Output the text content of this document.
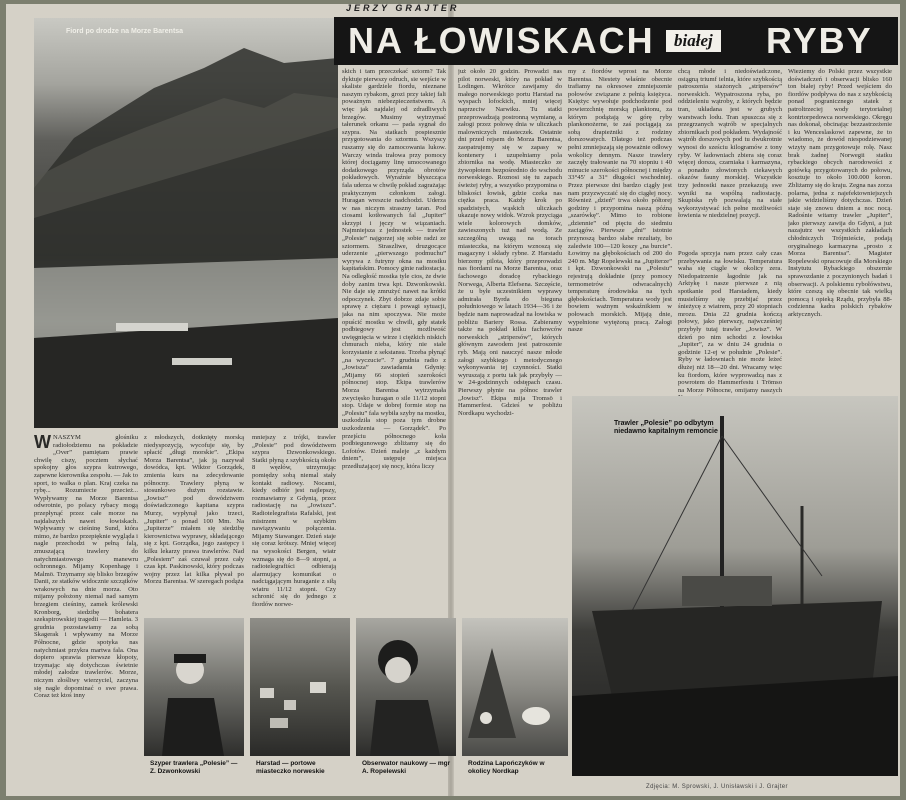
Fiord po drodze na Morze Barentsa
JERZY GRAJTER
NA ŁOWISKACH	białej RYBY
skich i tam przeczekać sztorm? Tak dyktuje pierwszy odruch, sie wejście w skaliste gardziele fiordu, nieznane naszym rybakom, grozi przy takiej fali poważnym niebezpieczeństwem. A więc jak najdalej od zdradliwych brzegów. Musimy wytrzymać tałerunek orkanu — pada sygnał do szypra. Na statkach pospiesznie przygotowania do sztormu. Wszyscy ruszamy się do zamocowania lukow. Warczy winda trałowa przy pomocy której dociągamy linę umocowanego dodatkowego przyrząda obrotów pokładowych. Wyraźnie błyszcząca fala uderza w chwilę pokład zagrażając praktycznym członkom załogi. Huragan wreszcie nadchodzi. Uderza w nas niczym straszny taran. Pod ciosami kotłowanych fal „Jupiter” skrzypi i jęczy w wiązaniach. Najmniejsza z jednostek — trawler „Polesie” najgorzej się sobie radzi ze sztormem. Straszliwe, druzgocące uderzenie „pierwszego podmuchu” wyrywa z futryny okna na mostku kapitańskim. Pomocy ginie radiostacja. Na odległość mostka tyle cios, że dwie doby zanim trwa kpt. Dzwonkowski. Nie daje się zmrużyć nawet na krótki odpoczynek. Zbyt dobrze zdaje sobie sprawę z ciężaru i powagi sytuacji, jaka na nim spoczywa. Nie może opuścić mostku w chwili, gdy statek podbiegowy jest możliwość uwięgnięcia w wirze i ciężkich niskich chmurach nieba, który nie stale korzystanie z sekstansu. Trzeba płynąć „na wyczucie”. 7 grudnia radio z „Jowisza” zawiadamia Gdynię: „Mijamy 66 stopień szerokości północnej stop. Ekipa trawlerów Morza Barentsa wytrzymała zwycięsko huragan o sile 11/12 stopni stop. Udaje w dobrej formie stop na „Polesiu” fala wybiła szyby na mostku, uszkodziła stop poza tym drobne uszkodzenia — Gorządek”. Po przejściu północnego koła podbiegunowego zbliżamy się do Lofotów. Dzień maleje „z każdym dniem”, ustępuje miejsca przedłużającej się nocy, która liczy
już około 20 godzin. Prowadzi nas pilot norweski, który na pokład w Lodingen. Wkrótce zawijamy do małego norweskiego portu Harstad na wyspach lofockich, mniej więcej naprzeciw Narwiku. Tu statki przeprowadzają postronną wymianę, a załogi przez połowę dnia w uliczkach malowniczych miasteczek. Ostatnie dni przed rejsem do Morza Barentsa, zaopatrujemy się w zapasy w kontenery i uzupełniamy pola zbiornika na wodę. Miasteczko ze żywopłotem bezpośrednio do wschodu norweskiego. Roznosi się tu zapach świeżej ryby, a wszystko przypomina o bliskości łowisk, gdzie czeka nas ciężka praca. Każdy krok po spadzistych, wąskich uliczkach ukazuje nowy widok. Wzrok przyciąga wiele kolorowych domków, zawieszonych tuż nad wodą. Ze szczególną uwagą na torach miasteczka, na którym wznoszą się magazyny i składy rybne. Z Harstadu bierzemy pilota, który przeprowadzi nas fiordami na Morze Barentsa, oraz fachowego doradcę rybackiego Norwega, Alberta Elefsena. Szczęście, że u byłe uczestnikiem wyprawy admirała Byrda do bieguna południowego w latach 1934—36 i że będzie nam naprowadzał na łowiska w pobliżu Bariery Rossa. Zabieramy także na pokład kilku fachowców norweskich „stripersów”, których głównym zawodem jest patroszenie ryb. Mają oni nauczyć nasze młode załogi szybkiego i metodycznego wykonywania tej czynności. Statki wyruszają z portu tak jak przybyły — w 24-godzinnych odstępach czasu. Pierwszy płynie na północ trawler „Jowisz”. Ekipa mija Tromsö i Hammerfest. Gdzieś w pobliżu Nordkapu wychodzi-
my z fiordów wprost na Morze Barentsa. Niestety właśnie obecnie trafiamy na okresowe zmniejszenie połowów związane z pełnią księżyca. Księżyc wywołuje podchodzenie pod powierzchnię morską planktonu, za którym podążają w górę ryby plankonożerne, te zaś pociągają za sobą drapieżniki z rodziny dorszowatych. Dlatego też podczas pełni zmniejszają się poważnie odłowy wokolicy dennym. Nasze trawlery zaczęły trałowanie na 70 stopniu i 40 minucie szerokości północnej i między 33°45′ a 31° długości wschodniej. Przez pierwsze dni bardzo ciągły jest nam przyzwyczaić się do ciągłej nocy. Również „dzień” trwa około półtorej godziny i przypomina naszą późną „szarówkę”. Mimo to robione „dziennie” od pięciu do siedmiu zaciągów. Pierwsze „dni” istotnie przynoszą bardzo słabe rezultaty, bo zaledwie 100—120 koszy „na burcie”. Łowimy na głębokościach od 200 do 240 m. Mgr Ropelewski na „Jupiterze” i kpt. Dzwonkowski na „Polesiu” rejestrują dokładnie (przy pomocy termometrów odwracalnych) temperaturę środowiska na tych głębokościach. Temperatura wody jest bowiem ważnym wskaźnikiem w połowach morskich. Mijają dnie, wypełnione wytężoną pracą. Załogi nasze
chcą młode i niedoświadczone, osiągną triumf ielnia, które szybkością patroszenia stażonych „stripersów” norweskich. Wypatroszona ryba, po oddzieleniu wątroby, z których będzie tran, układana jest w grubych warstwach lodu. Tran spuszcza się z przegrzanych wątrób w specjalnych zbiornikach pod pokładem. Wydajność wątrób dorszowych pod tu dwukrotnie wynosi do sześciu kilogramów z tony ryby. W ładowniach zbiera się coraz więcej dorsza, czarniaka i karmazyna, a ponadto złowionych ciekawych okazów fauny morskiej. Wszystkie trzy jednostki nasze przekazują swe wyniki na wspólną radiostację. Skupiska ryb pozwalają na stałe wykorzystywać ich pełne możliwości łowienia w niedzielnej pozycji.
Pogoda sprzyja nam przez cały czas przebywania na łowisku. Temperatura waha się ciągle w okolicy zera. Niedopatrzenie łagodnie jak na Arktykę i nasze pierwsze z nią spotkanie pod Harstadem, kiedy musieliśmy się przebijać przez śnieżycę z wiatrem, przy 20 stopniach mrozu. Dnia 22 grudnia kończą połowy, jako pierwszy, najwcześniej przybyły tutaj trawler „Jowisz”. W dzień po nim schodzi z łowiska „Jupiter”, za w dniu 24 grudnia o godzinie 12-ej w południe „Polesie”. Ryby w ładowniach nie może leżeć dłużej niż 18—20 dni. Wracamy więc ku fiordom, które wyprowadzą nas z powrotem do Hammerfestu i Trömso na Morze Północne, omijamy naszych
Wieziemy do Polski przez wszystkie doświadczeń i obserwacji blisko 160 ton białej ryby! Przed wejściem do fiordów podpływa do nas z szybkością ponad pogranicznego statek z patroltrzeciej wody terytorialnej kontrtorpedowca norweskiego. Okręgu nas dokonał, obcinając bezzastrzeżenie i ku Wenceslaskowi zapewne, że to wiadomo, że dowód niespodziewanej wizyty nam przygotowuje rolę. Nasz brak żadnej Norwegii statku rybackiego obcych narodowości z gotówką przygotowanych do połowu, kosztuje to około 100.000 koron. Zbliżamy się do kraju. Zegna nas zorza polarna, jedna z najefektowniejszych jakie widzieliśmy dotychczas. Dzień staje się znowu dniem a noc nocą. Radośnie witamy trawler „Jupiter”, jako pierwszy zawija do Gdyni, a już nazajutrz we wszystkich zakładach chłodniczych Trójmieście, podają oryginalnego karmazyna „prosto z Morza Barentsa”. Magister Ropelewski opracowuje dla Morskiego Instytutu Rybackiego obszernie sprawozdanie z poczynionych badań i obserwacji. A polskiemu rybołówstwu, które czeszą się obecnie tak wielką pomocą i opieką Rządu, przybyła 88-codzienna kadra polskich rybaków arktycznych.
WNASZYM głośniku radiołodziemu na pokładzie „Over” pamiętam prawie chwilę ciszy, pocztem słychać spokojny głos szypra kutrowego, zapewne kierownika zespołu. — Jak to sport, to walka o plan. Kraj czeka na rybę... Rozumiecie przecież... Wypływamy na Morze Barentsa odwrotnie, po polacy rybacy mogą przepłynąć przez całe morze na najdalszych nawet łowiskach. Wpływamy w cieśninę Sund, która mimo, że bardzo przepięknie wygląda i nagle przechodzi w pełną falą, zmuszającą trawlery do natychmiastowego manewru ochronnego. Mijamy Kopenhagę i Malmö. Trzymamy się blisko brzegów Danii, ze statków widocznie szczątków wrakowych na dnie morza. Oto mijamy położony niemal nad samym brzegiem cieśniny, zamek królewski Kronborg, siedzibę bohatera szekspirowskiej tragedii — Hamleta. 3 grudnia pozostawiamy za sobą Skagerak i wpływamy na Morze Północne, gdzie spotyka nas natychmiast przykra martwa fala. Ona dopiero sprawia pierwsze kłopoty, trzymając się dotychczas świetnie młodej załodze trawlerów. Morze, niczym złośliwy wierzyciel, zaczyna się nagle dopominać o swe prawa. Coraz też ktoś inny
z młodszych, dotknięty morską niedyspozycją, wycofuje się, by spłacić „długi morskie”. „Ekipa Morza Barentsa”, jak ją nazywał dowódca, kpt. Wiktor Gorządek, zmienia kurs na zdecydowanie północny. Trawlery płyną w stosunkowo dużym rozstawie. „Jowisz” pod dowództwem doświadczonego kapitana szypra Murzy, wypłynął jako trzeci, „Jupiter” o ponad 100 Mm. Na „Jupiterze” miałem się siedzibę kierownictwa wyprawy, składającego się z kpt. Gorządka, jego zastępcy i kilku lekarzy prawa trawlerów. Nad „Polesiem” zaś czuwał przez cały czas kpt. Paskinowski, który podczas wojny przez lat kilka pływał po Morzu Barentsa. W szeregach podąża
mniejszy z trójki, trawler „Polesie” pod dowództwem szypra Dzwonkowskiego. Statki płyną z szybkością około 8 węzłów, utrzymując pomiędzy sobą niemal stały kontakt radiowy. Nocami, kiedy odbiór jest najlepszy, rozmawiamy z Gdynią, przez radiostację na „Jowiszu”. Radiotelegrafista Rafalski, jest mistrzem w szybkim nawiązywaniu połączenia. Mijamy Stawanger. Dzień staje się coraz krótszy. Mniej więcej na wysokości Bergen, wiatr wzmaga się do 8—9 stopni, a radiotelegrafiści odbierają alarmujący komunikat o nadciągającym huraganie z siłą wiatru 11/12 stopni. Czy schronić się do jednego z fiordów norwe-
Trawler „Polesie” po odbytym niedawno kapitalnym remoncie
Szyper trawlera „Polesie” — Z. Dzwonkowski
Harstad — portowe miasteczko norweskie
Obserwator naukowy — mgr A. Ropelewski
Rodzina Lapończyków w okolicy Nordkap
Zdjęcia: M. Sprowski, J. Unisławski i J. Grajter
